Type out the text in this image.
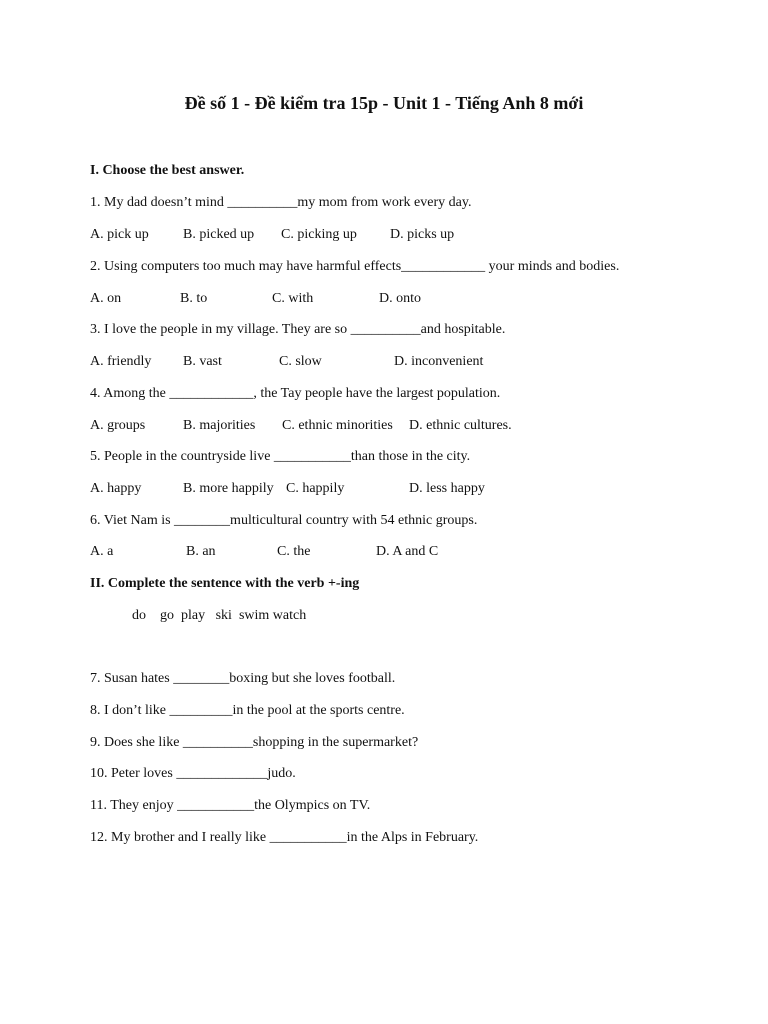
Đề số 1 - Đề kiểm tra 15p - Unit 1 - Tiếng Anh 8 mới
I. Choose the best answer.
1. My dad doesn’t mind __________my mom from work every day.
A. pick up B. picked up C. picking up D. picks up
2. Using computers too much may have harmful effects____________ your minds and bodies.
A. on	B. to	C. with	D. onto
3. I love the people in my village. They are so __________and hospitable.
A. friendly B. vast	C. slow	D. inconvenient
4. Among the ____________, the Tay people have the largest population.
A. groups	B. majorities C. ethnic minorities D. ethnic cultures.
5. People in the countryside live ___________than those in the city.
A. happy	B. more happily C. happily	D. less happy
6. Viet Nam is ________multicultural country with 54 ethnic groups.
A. a	B. an	C. the	D. A and C
II. Complete the sentence with the verb +-ing
do    go  play   ski  swim watch
7. Susan hates ________boxing but she loves football.
8. I don’t like _________in the pool at the sports centre.
9. Does she like __________shopping in the supermarket?
10. Peter loves _____________judo.
11. They enjoy ___________the Olympics on TV.
12. My brother and I really like ___________in the Alps in February.
